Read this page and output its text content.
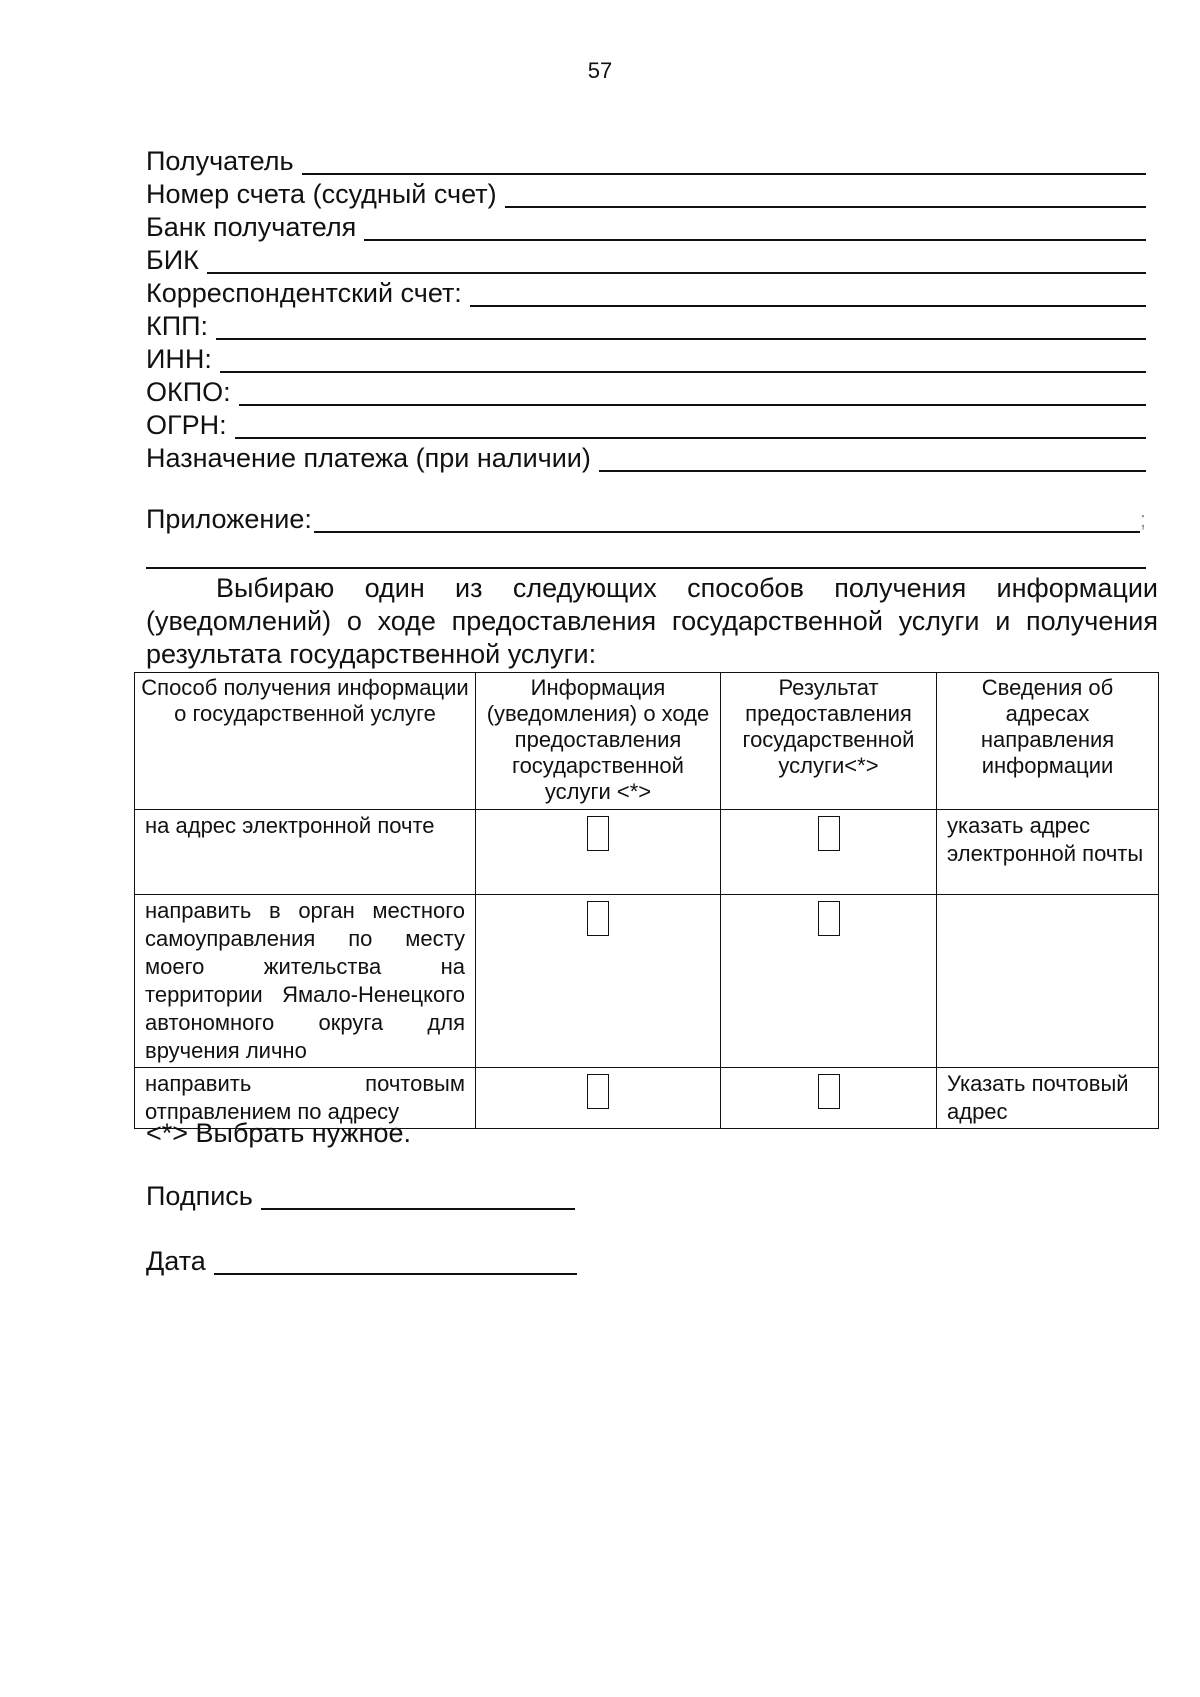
57
Получатель
Номер счета (ссудный счет)
Банк получателя
БИК
Корреспондентский счет:
КПП:
ИНН:
ОКПО:
ОГРН:
Назначение платежа (при наличии)
Приложение:	;
Выбираю один из следующих способов получения информации (уведомлений) о ходе предоставления государственной услуги и получения результата государственной услуги:
Способ получения информации о государственной услуге	Информация (уведомления) о ходе предоставления государственной услуги <*>	Результат предоставления государственной услуги<*>	Сведения об адресах направления информации
на адрес электронной почте			указать адрес электронной почты
направить в орган местного самоуправления по месту моего жительства на территории Ямало-Ненецкого автономного округа для вручения лично			
направить почтовым отправлением по адресу			Указать почтовый адрес
<*> Выбрать нужное.
Подпись
Дата
